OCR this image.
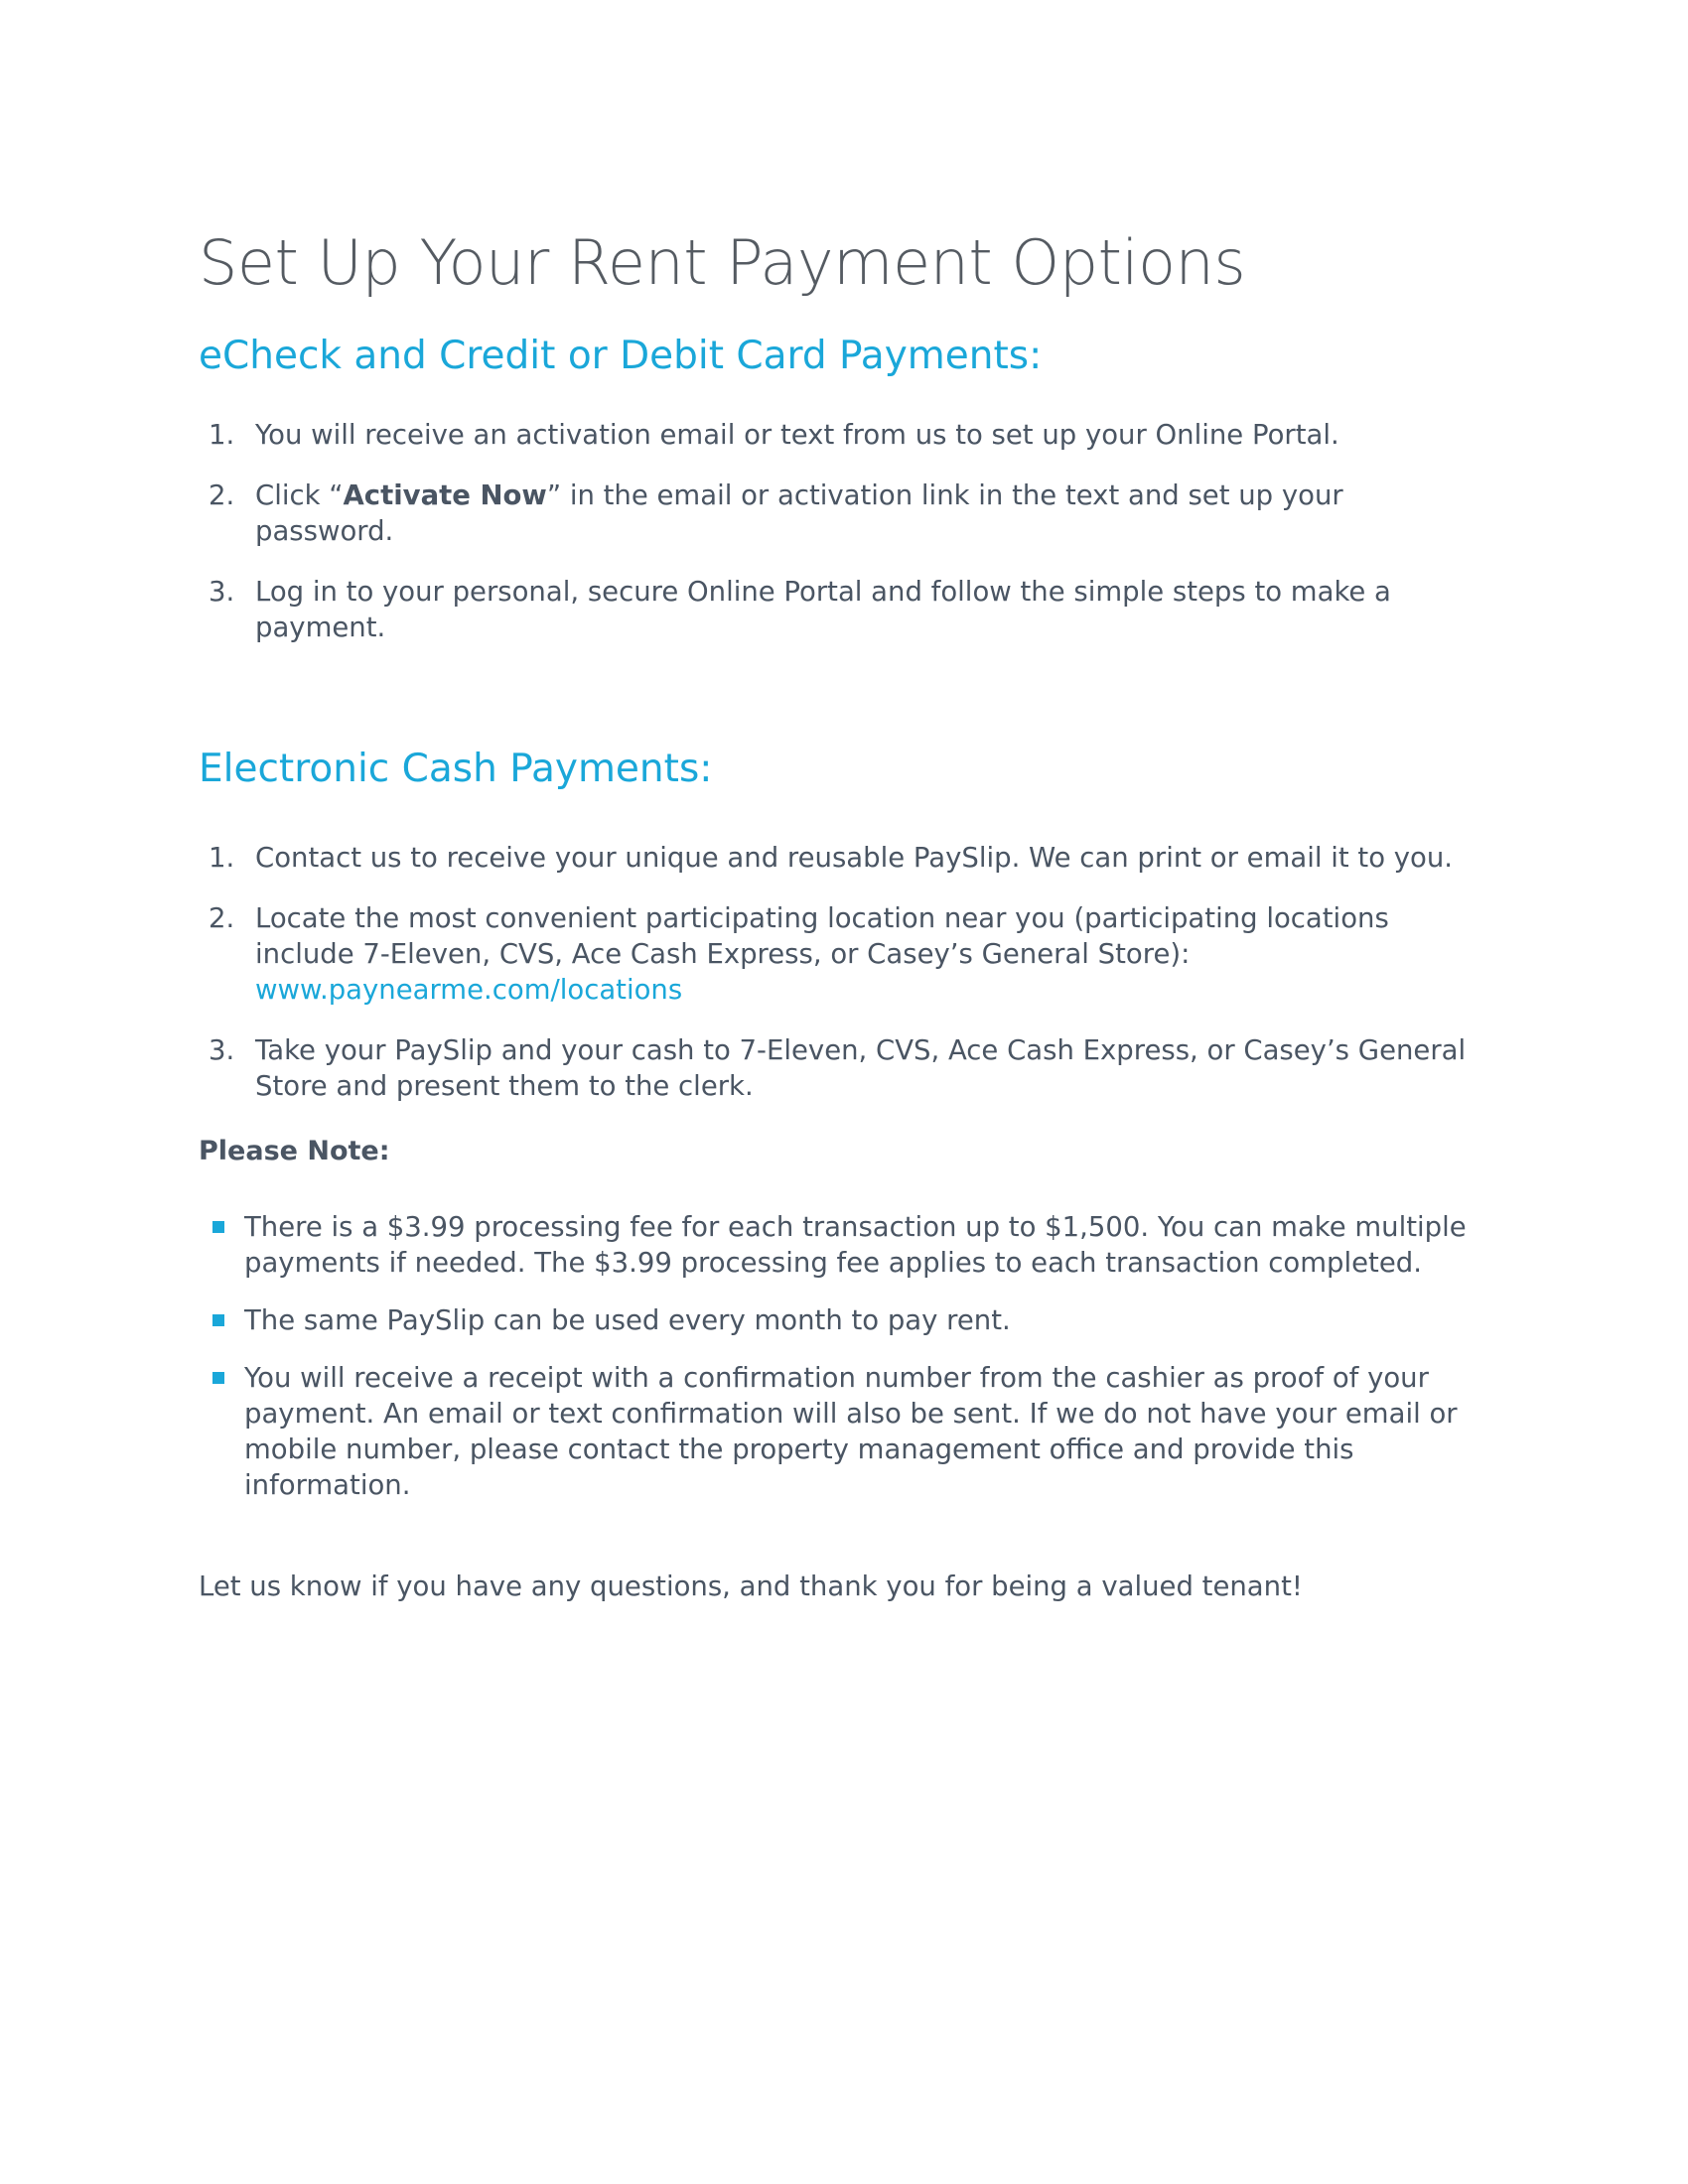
Set Up Your Rent Payment Options
eCheck and Credit or Debit Card Payments:
1. You will receive an activation email or text from us to set up your Online Portal.
2. Click “Activate Now” in the email or activation link in the text and set up your password.
3. Log in to your personal, secure Online Portal and follow the simple steps to make a payment.
Electronic Cash Payments:
1. Contact us to receive your unique and reusable PaySlip. We can print or email it to you.
2. Locate the most convenient participating location near you (participating locations include 7-Eleven, CVS, Ace Cash Express, or Casey’s General Store): www.paynearme.com/locations
3. Take your PaySlip and your cash to 7-Eleven, CVS, Ace Cash Express, or Casey’s General Store and present them to the clerk.
Please Note:
There is a $3.99 processing fee for each transaction up to $1,500. You can make multiple payments if needed. The $3.99 processing fee applies to each transaction completed.
The same PaySlip can be used every month to pay rent.
You will receive a receipt with a confirmation number from the cashier as proof of your payment. An email or text confirmation will also be sent. If we do not have your email or mobile number, please contact the property management office and provide this information.
Let us know if you have any questions, and thank you for being a valued tenant!
